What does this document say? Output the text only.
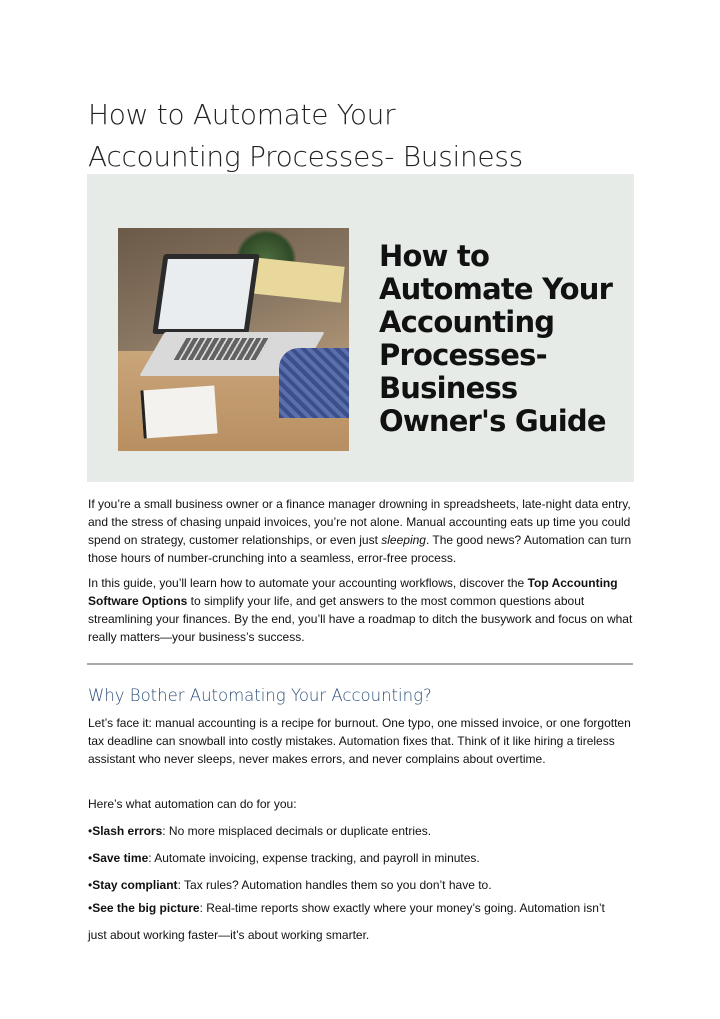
How to Automate Your
Accounting Processes- Business
How to
Automate Your
Accounting
Processes-
Business
Owner's Guide

If you’re a small business owner or a finance manager drowning in spreadsheets, late-night data entry, and the stress of chasing unpaid invoices, you’re not alone. Manual accounting eats up time you could spend on strategy, customer relationships, or even just sleeping. The good news? Automation can turn those hours of number-crunching into a seamless, error-free process.

In this guide, you’ll learn how to automate your accounting workflows, discover the Top Accounting Software Options to simplify your life, and get answers to the most common questions about streamlining your finances. By the end, you’ll have a roadmap to ditch the busywork and focus on what really matters—your business’s success.

Why Bother Automating Your Accounting?

Let’s face it: manual accounting is a recipe for burnout. One typo, one missed invoice, or one forgotten tax deadline can snowball into costly mistakes. Automation fixes that. Think of it like hiring a tireless assistant who never sleeps, never makes errors, and never complains about overtime.

Here’s what automation can do for you:

•Slash errors: No more misplaced decimals or duplicate entries.

•Save time: Automate invoicing, expense tracking, and payroll in minutes.

•Stay compliant: Tax rules? Automation handles them so you don’t have to.

•See the big picture: Real-time reports show exactly where your money’s going. Automation isn’t

just about working faster—it’s about working smarter.
